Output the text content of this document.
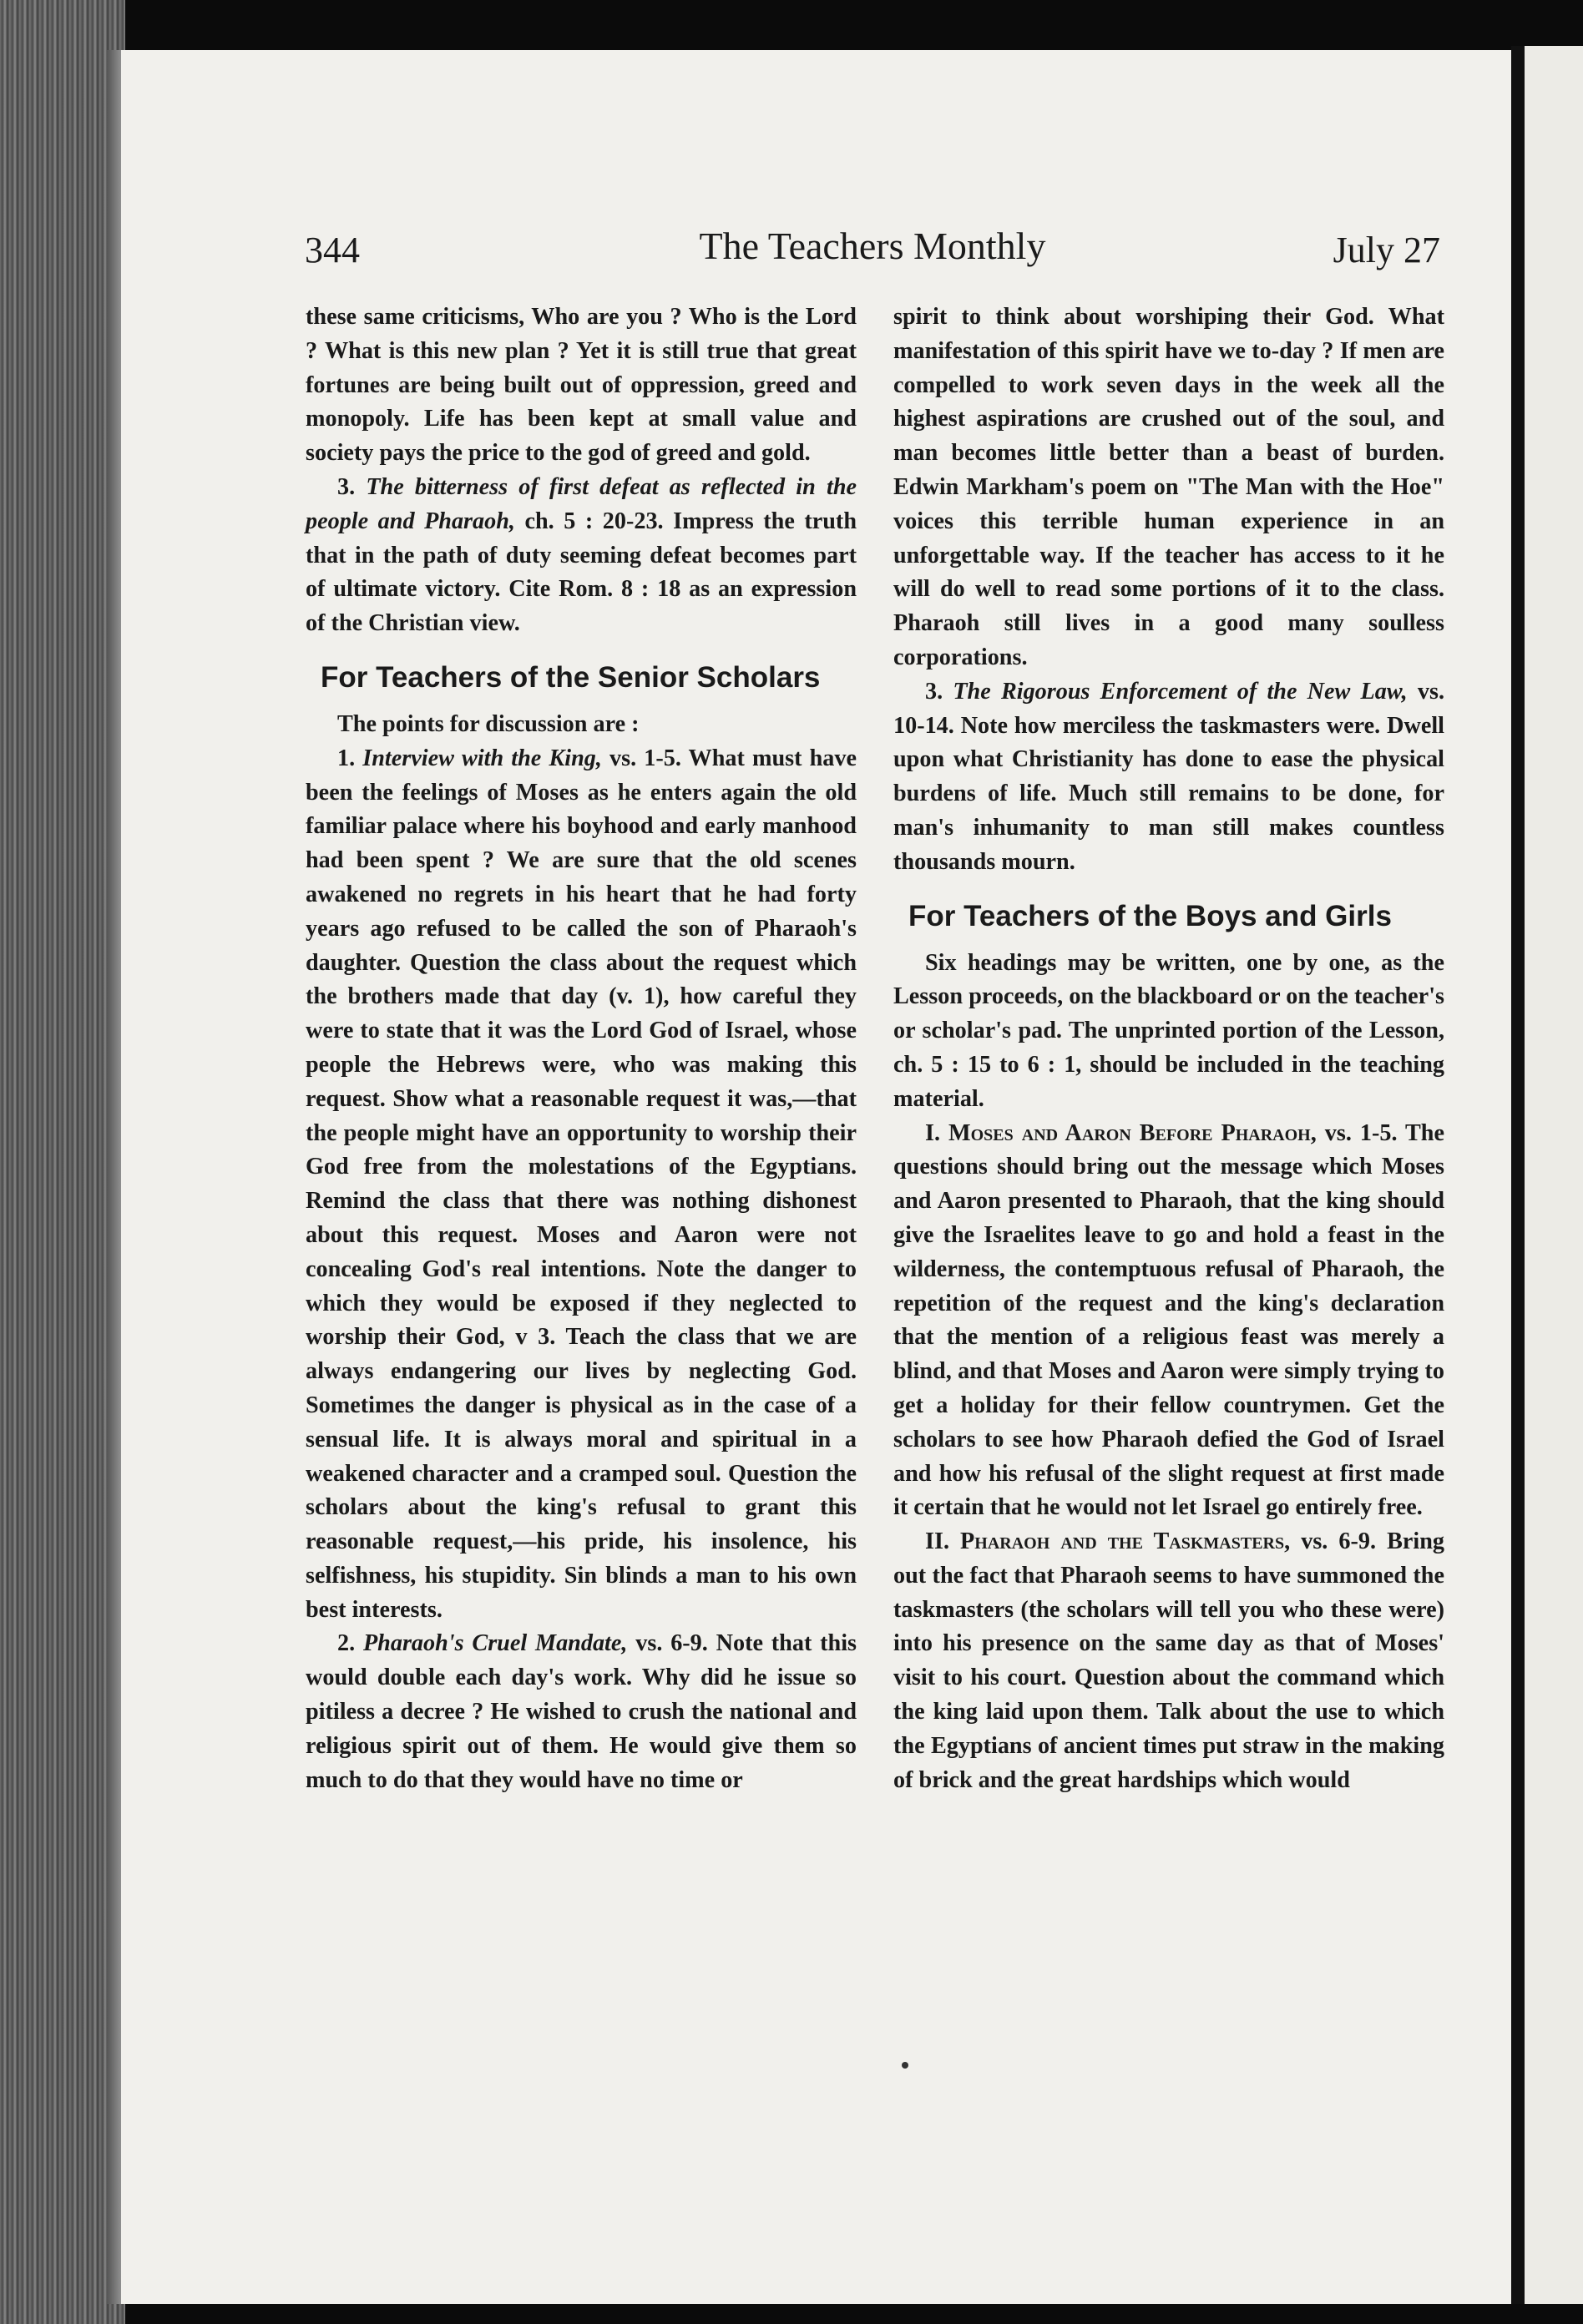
344	The Teachers Monthly	July 27

these same criticisms, Who are you ? Who is the Lord ? What is this new plan ? Yet it is still true that great fortunes are being built out of oppression, greed and monopoly. Life has been kept at small value and society pays the price to the god of greed and gold.

3. The bitterness of first defeat as reflected in the people and Pharaoh, ch. 5 : 20-23. Impress the truth that in the path of duty seeming defeat becomes part of ultimate victory. Cite Rom. 8 : 18 as an expression of the Christian view.

For Teachers of the Senior Scholars

The points for discussion are :

1. Interview with the King, vs. 1-5. What must have been the feelings of Moses as he enters again the old familiar palace where his boyhood and early manhood had been spent ? We are sure that the old scenes awakened no regrets in his heart that he had forty years ago refused to be called the son of Pharaoh's daughter. Question the class about the request which the brothers made that day (v. 1), how careful they were to state that it was the Lord God of Israel, whose people the Hebrews were, who was making this request. Show what a reasonable request it was,—that the people might have an opportunity to worship their God free from the molestations of the Egyptians. Remind the class that there was nothing dishonest about this request. Moses and Aaron were not concealing God's real intentions. Note the danger to which they would be exposed if they neglected to worship their God, v 3. Teach the class that we are always endangering our lives by neglecting God. Sometimes the danger is physical as in the case of a sensual life. It is always moral and spiritual in a weakened character and a cramped soul. Question the scholars about the king's refusal to grant this reasonable request,—his pride, his insolence, his selfishness, his stupidity. Sin blinds a man to his own best interests.

2. Pharaoh's Cruel Mandate, vs. 6-9. Note that this would double each day's work. Why did he issue so pitiless a decree ? He wished to crush the national and religious spirit out of them. He would give them so much to do that they would have no time or

spirit to think about worshiping their God. What manifestation of this spirit have we to-day ? If men are compelled to work seven days in the week all the highest aspirations are crushed out of the soul, and man becomes little better than a beast of burden. Edwin Markham's poem on "The Man with the Hoe" voices this terrible human experience in an unforgettable way. If the teacher has access to it he will do well to read some portions of it to the class. Pharaoh still lives in a good many soulless corporations.

3. The Rigorous Enforcement of the New Law, vs. 10-14. Note how merciless the taskmasters were. Dwell upon what Christianity has done to ease the physical burdens of life. Much still remains to be done, for man's inhumanity to man still makes countless thousands mourn.

For Teachers of the Boys and Girls

Six headings may be written, one by one, as the Lesson proceeds, on the blackboard or on the teacher's or scholar's pad. The unprinted portion of the Lesson, ch. 5 : 15 to 6 : 1, should be included in the teaching material.

I. Moses and Aaron Before Pharaoh, vs. 1-5. The questions should bring out the message which Moses and Aaron presented to Pharaoh, that the king should give the Israelites leave to go and hold a feast in the wilderness, the contemptuous refusal of Pharaoh, the repetition of the request and the king's declaration that the mention of a religious feast was merely a blind, and that Moses and Aaron were simply trying to get a holiday for their fellow countrymen. Get the scholars to see how Pharaoh defied the God of Israel and how his refusal of the slight request at first made it certain that he would not let Israel go entirely free.

II. Pharaoh and the Taskmasters, vs. 6-9. Bring out the fact that Pharaoh seems to have summoned the taskmasters (the scholars will tell you who these were) into his presence on the same day as that of Moses' visit to his court. Question about the command which the king laid upon them. Talk about the use to which the Egyptians of ancient times put straw in the making of brick and the great hardships which would
